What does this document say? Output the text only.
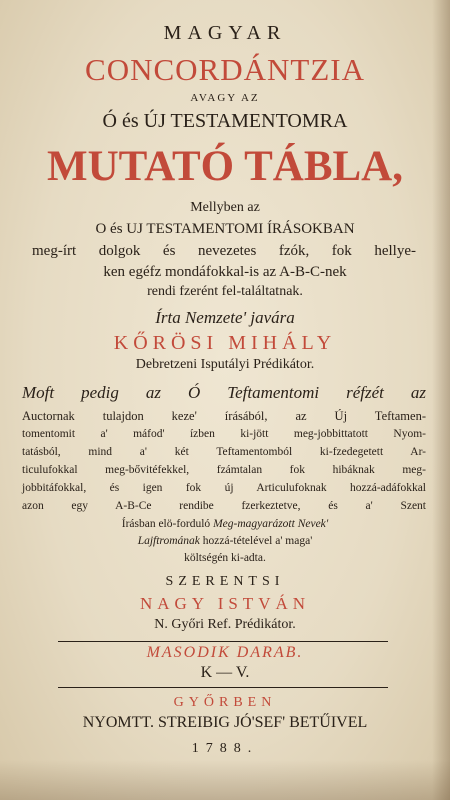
MAGYAR
CONCORDÁNTZIA
AVAGY AZ
Ó és ÚJ TESTAMENTOMRA
MUTATÓ TÁBLA,
Mellyben az
O és UJ TESTAMENTOMI ÍRÁSOKBAN
meg-írt dolgok és nevezetes fzók, fok hellye-
ken egéfz mondáfokkal-is az A-B-C-nek
rendi fzerént fel-találtatnak.
Írta Nemzete' javára
KŐRÖSI MIHÁLY
Debretzeni Isputályi Prédikátor.
Moft pedig az Ó Teftamentomi réfzét az
Auctornak tulajdon keze' írásából, az Új Teftamen-
tomentomit a' máfod' ízben ki-jött meg-jobbittatott Nyom-
tatásból, mind a' két Teftamentomból ki-fzedegetett Ar-
ticulufokkal meg-bővitéfekkel, fzámtalan fok hibáknak meg-
jobbitáfokkal, és igen fok új Articulufoknak hozzá-adáfokkal
azon egy A-B-Ce rendibe fzerkeztetve, és a' Szent
Írásban elö-forduló Meg-magyarázott Nevek'
Lajftromának hozzá-tételével a' maga'
költségén ki-adta.
SZERENTSI
NAGY ISTVÁN
N. Győri Ref. Prédikátor.
MASODIK DARAB.
K — V.
GYŐRBEN
NYOMTT. STREIBIG JÓ'SEF' BETŰIVEL
1788.
